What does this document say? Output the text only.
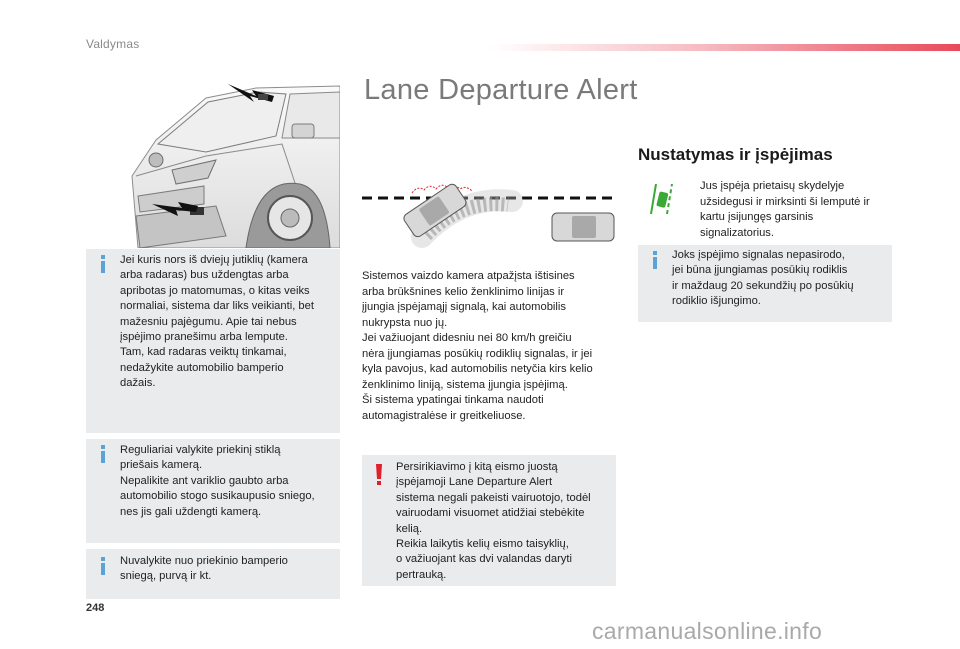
Valdymas
Lane Departure Alert
Nustatymas ir įspėjimas
Jus įspėja prietaisų skydelyje užsidegusi ir mirksinti ši lemputė ir kartu įsijungęs garsinis signalizatorius.
Jei kuris nors iš dviejų jutiklių (kamera
arba radaras) bus uždengtas arba
apribotas jo matomumas, o kitas veiks
normaliai, sistema dar liks veikianti, bet
mažesniu pajėgumu. Apie tai nebus
įspėjimo pranešimu arba lempute.
Tam, kad radaras veiktų tinkamai,
nedažykite automobilio bamperio
dažais.
Reguliariai valykite priekinį stiklą
priešais kamerą.
Nepalikite ant variklio gaubto arba
automobilio stogo susikaupusio sniego,
nes jis gali uždengti kamerą.
Nuvalykite nuo priekinio bamperio
sniegą, purvą ir kt.
Sistemos vaizdo kamera atpažįsta ištisines
arba brūkšnines kelio ženklinimo linijas ir
įjungia įspėjamąjį signalą, kai automobilis
nukrypsta nuo jų.
Jei važiuojant didesniu nei 80 km/h greičiu
nėra įjungiamas posūkių rodiklių signalas, ir jei
kyla pavojus, kad automobilis netyčia kirs kelio
ženklinimo liniją, sistema įjungia įspėjimą.
Ši sistema ypatingai tinkama naudoti
automagistralėse ir greitkeliuose.
Persirikiavimo į kitą eismo juostą
įspėjamoji Lane Departure Alert
sistema negali pakeisti vairuotojo, todėl
vairuodami visuomet atidžiai stebėkite
kelią.
Reikia laikytis kelių eismo taisyklių,
o važiuojant kas dvi valandas daryti
pertrauką.
Joks įspėjimo signalas nepasirodo,
jei būna įjungiamas posūkių rodiklis
ir maždaug 20 sekundžių po posūkių
rodiklio išjungimo.
248
carmanualsonline.info
